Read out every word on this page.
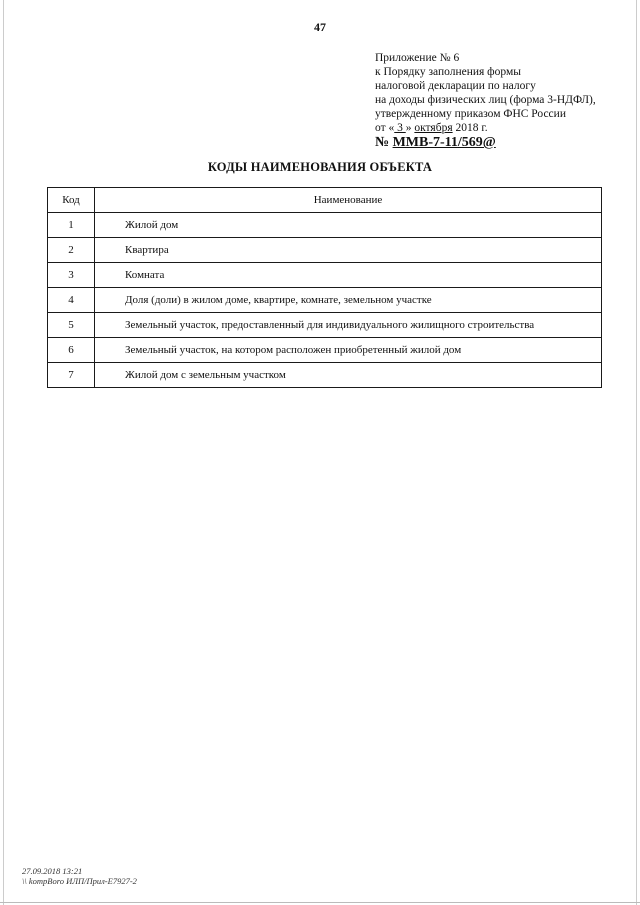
47
Приложение № 6
к Порядку заполнения формы
налоговой декларации по налогу
на доходы физических лиц (форма 3-НДФЛ),
утвержденному приказом ФНС России
от « 3 » октября 2018 г.
№ ММВ-7-11/569@
КОДЫ НАИМЕНОВАНИЯ ОБЪЕКТА
Код	Наименование
1	Жилой дом
2	Квартира
3	Комната
4	Доля (доли) в жилом доме, квартире, комнате, земельном участке
5	Земельный участок, предоставленный для индивидуального жилищного строительства
6	Земельный участок, на котором расположен приобретенный жилой дом
7	Жилой дом с земельным участком
27.09.2018 13:21
\\ kompBoro ИЛП/Прил-E7927-2
